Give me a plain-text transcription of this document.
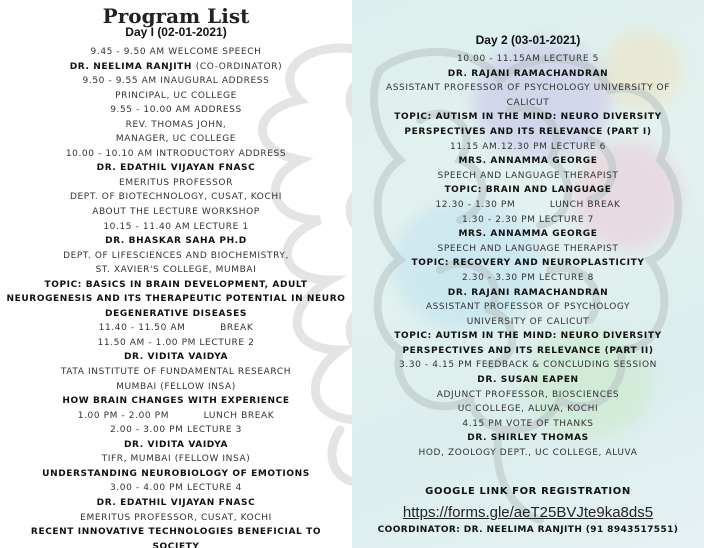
Program List
Day I (02-01-2021)
9.45 - 9.50 AM WELCOME SPEECH
DR. NEELIMA RANJITH (CO-ORDINATOR)
9.50 - 9.55 AM INAUGURAL ADDRESS
PRINCIPAL, UC COLLEGE
9.55 - 10.00 AM ADDRESS
REV. THOMAS JOHN,
MANAGER, UC COLLEGE
10.00 - 10.10 AM INTRODUCTORY ADDRESS
DR. EDATHIL VIJAYAN FNASC
EMERITUS PROFESSOR
DEPT. OF BIOTECHNOLOGY, CUSAT, KOCHI
ABOUT THE LECTURE WORKSHOP
10.15 - 11.40 AM LECTURE 1
DR. BHASKAR SAHA PH.D
DEPT. OF LIFESCIENCES AND BIOCHEMISTRY,
ST. XAVIER'S COLLEGE, MUMBAI
TOPIC: BASICS IN BRAIN DEVELOPMENT, ADULT
NEUROGENESIS AND ITS THERAPEUTIC POTENTIAL IN NEURO
DEGENERATIVE DISEASES
11.40 - 11.50 AM          BREAK
11.50 AM - 1.00 PM LECTURE 2
DR. VIDITA VAIDYA
TATA INSTITUTE OF FUNDAMENTAL RESEARCH
MUMBAI (FELLOW INSA)
HOW BRAIN CHANGES WITH EXPERIENCE
1.00 PM - 2.00 PM          LUNCH BREAK
2.00 - 3.00 PM LECTURE 3
DR. VIDITA VAIDYA
TIFR, MUMBAI (FELLOW INSA)
UNDERSTANDING NEUROBIOLOGY OF EMOTIONS
3.00 - 4.00 PM LECTURE 4
DR. EDATHIL VIJAYAN FNASC
EMERITUS PROFESSOR, CUSAT, KOCHI
RECENT INNOVATIVE TECHNOLOGIES BENEFICIAL TO
SOCIETY
Day 2 (03-01-2021)
10.00 - 11.15AM LECTURE 5
DR. RAJANI RAMACHANDRAN
ASSISTANT PROFESSOR OF PSYCHOLOGY UNIVERSITY OF
CALICUT
TOPIC: AUTISM IN THE MIND: NEURO DIVERSITY
PERSPECTIVES AND ITS RELEVANCE (PART I)
11.15 AM.12.30 PM LECTURE 6
MRS. ANNAMMA GEORGE
SPEECH AND LANGUAGE THERAPIST
TOPIC: BRAIN AND LANGUAGE
12.30 - 1.30 PM          LUNCH BREAK
1.30 - 2.30 PM LECTURE 7
MRS. ANNAMMA GEORGE
SPEECH AND LANGUAGE THERAPIST
TOPIC: RECOVERY AND NEUROPLASTICITY
2.30 - 3.30 PM LECTURE 8
DR. RAJANI RAMACHANDRAN
ASSISTANT PROFESSOR OF PSYCHOLOGY
UNIVERSITY OF CALICUT
TOPIC: AUTISM IN THE MIND: NEURO DIVERSITY
PERSPECTIVES AND ITS RELEVANCE (PART II)
3.30 - 4.15 PM FEEDBACK & CONCLUDING SESSION
DR. SUSAN EAPEN
ADJUNCT PROFESSOR, BIOSCIENCES
UC COLLEGE, ALUVA, KOCHI
4.15 PM VOTE OF THANKS
DR. SHIRLEY THOMAS
HOD, ZOOLOGY DEPT., UC COLLEGE, ALUVA
GOOGLE LINK FOR REGISTRATION
https://forms.gle/aeT25BVJte9ka8ds5
COORDINATOR: DR. NEELIMA RANJITH (91 8943517551)
